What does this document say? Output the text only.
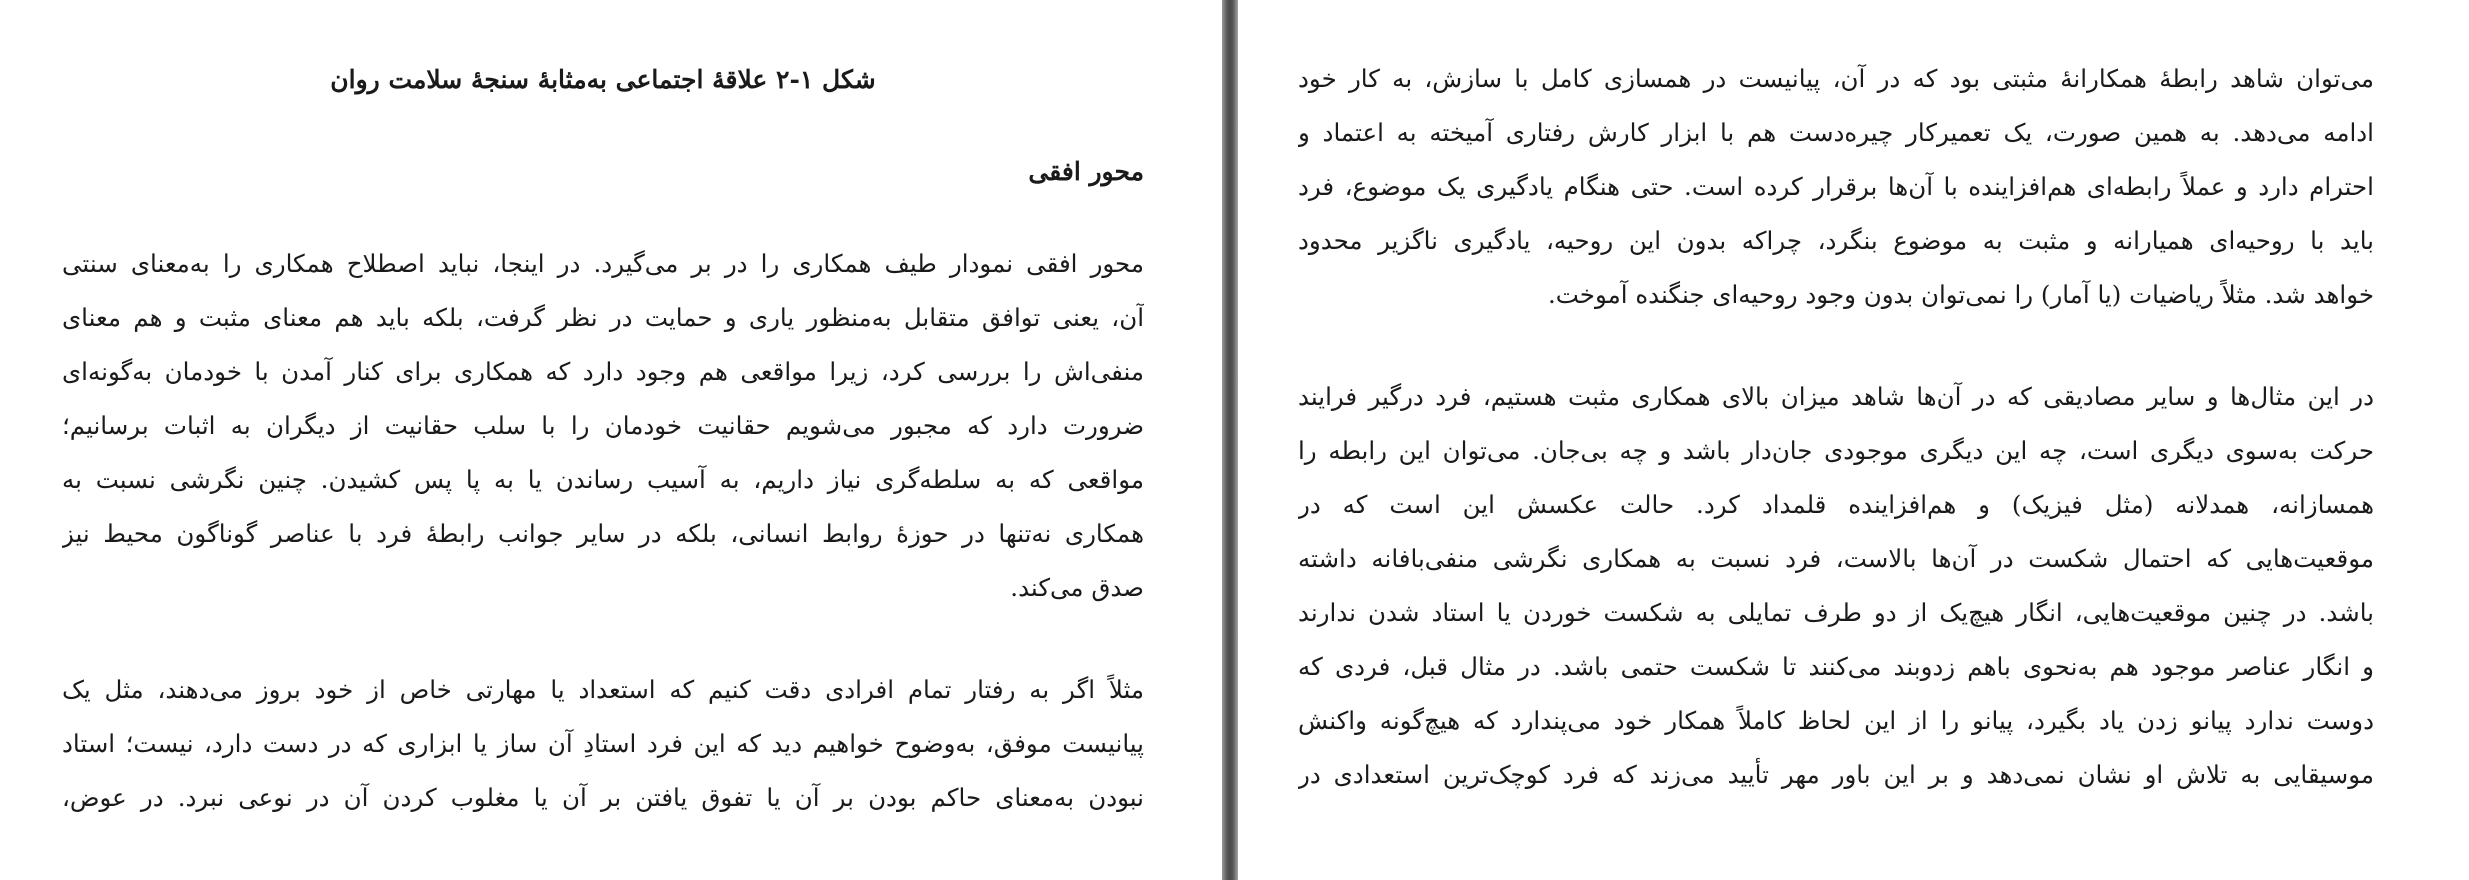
شکل ۱-۲ علاقهٔ اجتماعی به‌مثابهٔ سنجهٔ سلامت روان
محور افقی
محور افقی نمودار طیف همکاری را در بر می‌گیرد. در اینجا، نباید اصطلاح همکاری را به‌معنای سنتی
آن، یعنی توافق متقابل به‌منظور یاری و حمایت در نظر گرفت، بلکه باید هم معنای مثبت و هم معنای
منفی‌اش را بررسی کرد، زیرا مواقعی هم وجود دارد که همکاری برای کنار آمدن با خودمان به‌گونه‌ای
ضرورت دارد که مجبور می‌شویم حقانیت خودمان را با سلب حقانیت از دیگران به اثبات برسانیم؛
مواقعی که به سلطه‌گری نیاز داریم، به آسیب رساندن یا به پا پس کشیدن. چنین نگرشی نسبت به
همکاری نه‌تنها در حوزهٔ روابط انسانی، بلکه در سایر جوانب رابطهٔ فرد با عناصر گوناگون محیط نیز
صدق می‌کند.
مثلاً اگر به رفتار تمام افرادی دقت کنیم که استعداد یا مهارتی خاص از خود بروز می‌دهند، مثل یک
پیانیست موفق، به‌وضوح خواهیم دید که این فرد استادِ آن ساز یا ابزاری که در دست دارد، نیست؛ استاد
نبودن به‌معنای حاکم بودن بر آن یا تفوق یافتن بر آن یا مغلوب کردن آن در نوعی نبرد. در عوض،
می‌توان شاهد رابطهٔ همکارانهٔ مثبتی بود که در آن، پیانیست در همسازی کامل با سازش، به کار خود
ادامه می‌دهد. به همین صورت، یک تعمیرکار چیره‌دست هم با ابزار کارش رفتاری آمیخته به اعتماد و
احترام دارد و عملاً رابطه‌ای هم‌افزاینده با آن‌ها برقرار کرده است. حتی هنگام یادگیری یک موضوع، فرد
باید با روحیه‌ای همیارانه و مثبت به موضوع بنگرد، چراکه بدون این روحیه، یادگیری ناگزیر محدود
خواهد شد. مثلاً ریاضیات (یا آمار) را نمی‌توان بدون وجود روحیه‌ای جنگنده آموخت.
در این مثال‌ها و سایر مصادیقی که در آن‌ها شاهد میزان بالای همکاری مثبت هستیم، فرد درگیر فرایند
حرکت به‌سوی دیگری است، چه این دیگری موجودی جان‌دار باشد و چه بی‌جان. می‌توان این رابطه را
همسازانه، همدلانه (مثل فیزیک) و هم‌افزاینده قلمداد کرد. حالت عکسش این است که در
موقعیت‌هایی که احتمال شکست در آن‌ها بالاست، فرد نسبت به همکاری نگرشی منفی‌بافانه داشته
باشد. در چنین موقعیت‌هایی، انگار هیچ‌یک از دو طرف تمایلی به شکست خوردن یا استاد شدن ندارند
و انگار عناصر موجود هم به‌نحوی باهم زدوبند می‌کنند تا شکست حتمی باشد. در مثال قبل، فردی که
دوست ندارد پیانو زدن یاد بگیرد، پیانو را از این لحاظ کاملاً همکار خود می‌پندارد که هیچ‌گونه واکنش
موسیقایی به تلاش او نشان نمی‌دهد و بر این باور مهر تأیید می‌زند که فرد کوچک‌ترین استعدادی در
